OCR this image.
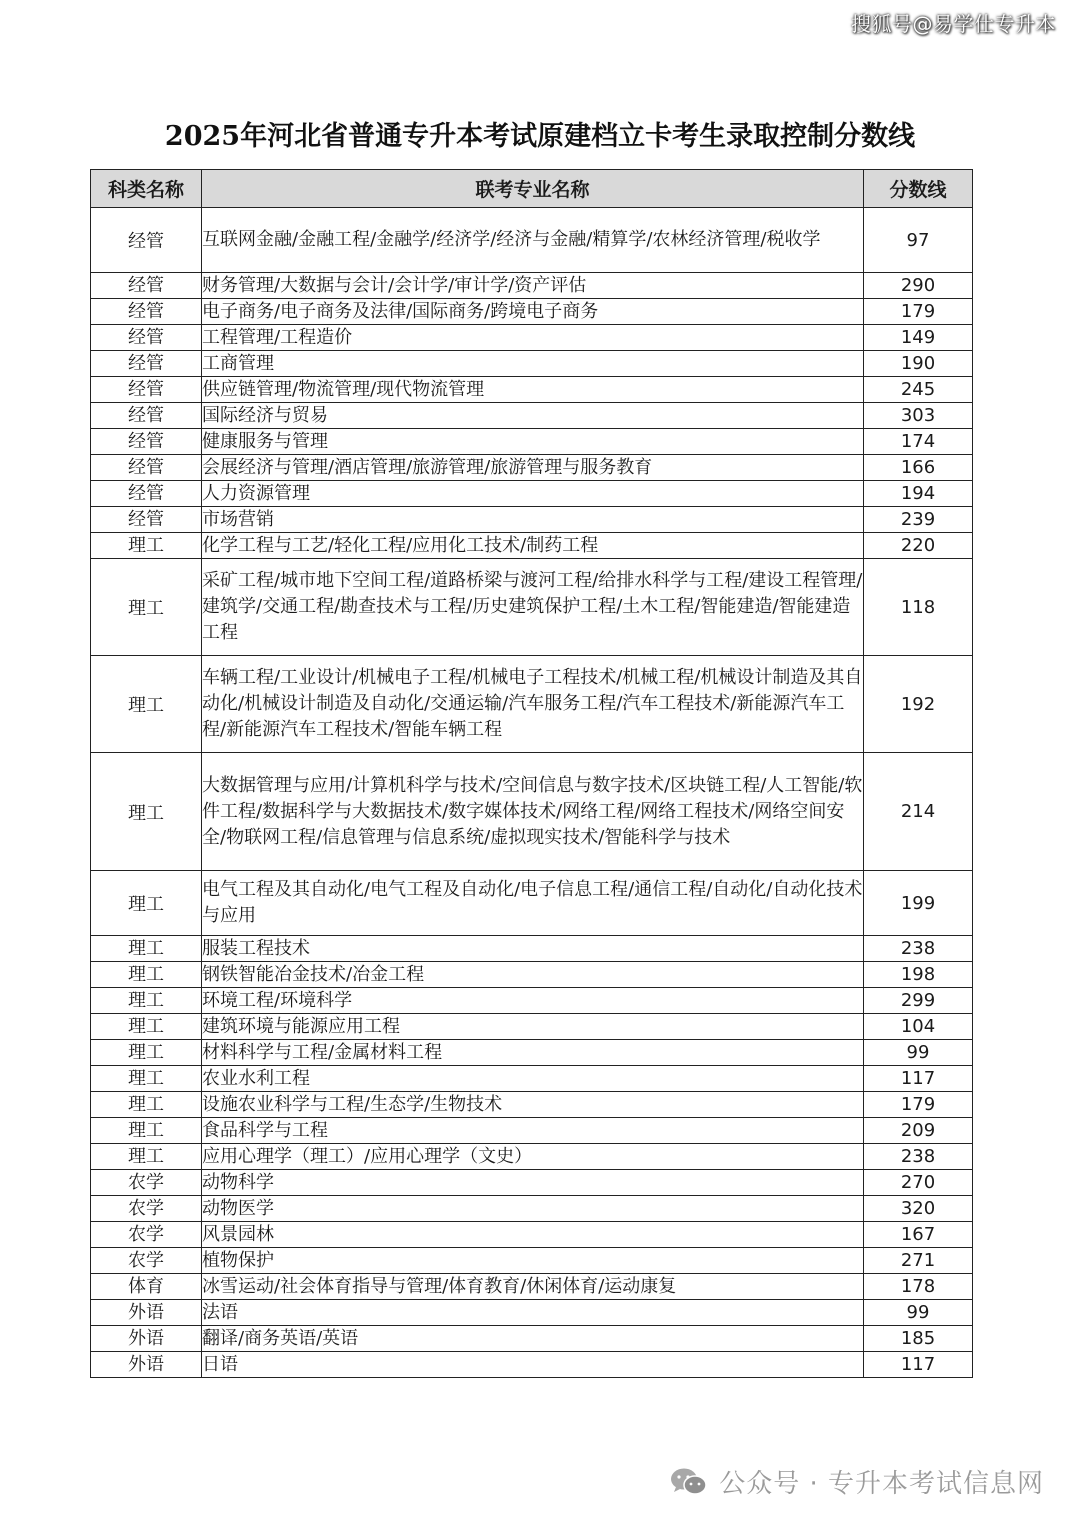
搜狐号@易学仕专升本
2025年河北省普通专升本考试原建档立卡考生录取控制分数线
科类名称	联考专业名称	分数线
经管	互联网金融/金融工程/金融学/经济学/经济与金融/精算学/农林经济管理/税收学	97
经管	财务管理/大数据与会计/会计学/审计学/资产评估	290
经管	电子商务/电子商务及法律/国际商务/跨境电子商务	179
经管	工程管理/工程造价	149
经管	工商管理	190
经管	供应链管理/物流管理/现代物流管理	245
经管	国际经济与贸易	303
经管	健康服务与管理	174
经管	会展经济与管理/酒店管理/旅游管理/旅游管理与服务教育	166
经管	人力资源管理	194
经管	市场营销	239
理工	化学工程与工艺/轻化工程/应用化工技术/制药工程	220
理工	采矿工程/城市地下空间工程/道路桥梁与渡河工程/给排水科学与工程/建设工程管理/建筑学/交通工程/勘查技术与工程/历史建筑保护工程/土木工程/智能建造/智能建造工程	118
理工	车辆工程/工业设计/机械电子工程/机械电子工程技术/机械工程/机械设计制造及其自动化/机械设计制造及自动化/交通运输/汽车服务工程/汽车工程技术/新能源汽车工程/新能源汽车工程技术/智能车辆工程	192
理工	大数据管理与应用/计算机科学与技术/空间信息与数字技术/区块链工程/人工智能/软件工程/数据科学与大数据技术/数字媒体技术/网络工程/网络工程技术/网络空间安全/物联网工程/信息管理与信息系统/虚拟现实技术/智能科学与技术	214
理工	电气工程及其自动化/电气工程及自动化/电子信息工程/通信工程/自动化/自动化技术与应用	199
理工	服装工程技术	238
理工	钢铁智能冶金技术/冶金工程	198
理工	环境工程/环境科学	299
理工	建筑环境与能源应用工程	104
理工	材料科学与工程/金属材料工程	99
理工	农业水利工程	117
理工	设施农业科学与工程/生态学/生物技术	179
理工	食品科学与工程	209
理工	应用心理学（理工）/应用心理学（文史）	238
农学	动物科学	270
农学	动物医学	320
农学	风景园林	167
农学	植物保护	271
体育	冰雪运动/社会体育指导与管理/体育教育/休闲体育/运动康复	178
外语	法语	99
外语	翻译/商务英语/英语	185
外语	日语	117
公众号 · 专升本考试信息网
